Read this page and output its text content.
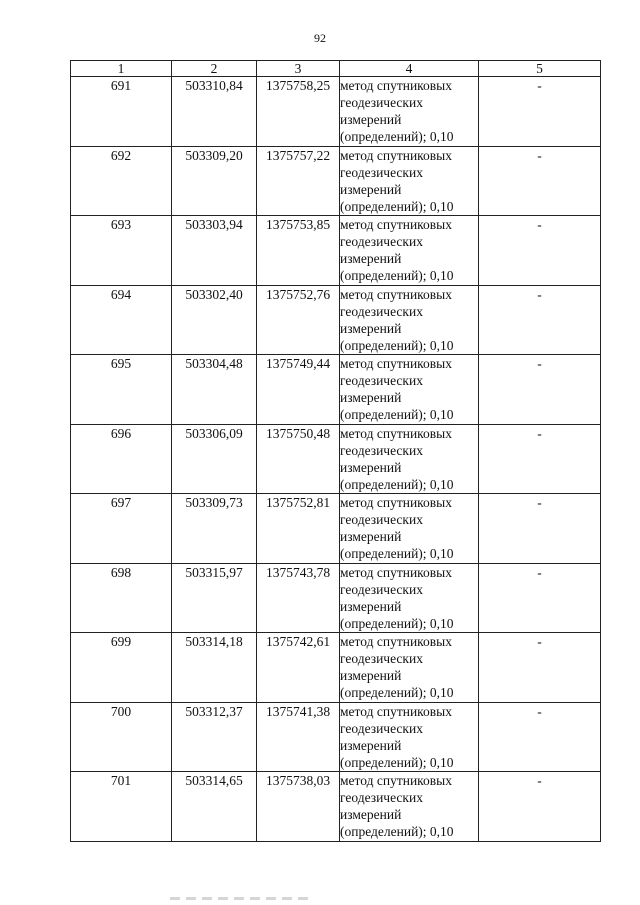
92
1	2	3	4	5
691	503310,84	1375758,25	метод спутниковых
геодезических
измерений
(определений); 0,10	-
692	503309,20	1375757,22	метод спутниковых
геодезических
измерений
(определений); 0,10	-
693	503303,94	1375753,85	метод спутниковых
геодезических
измерений
(определений); 0,10	-
694	503302,40	1375752,76	метод спутниковых
геодезических
измерений
(определений); 0,10	-
695	503304,48	1375749,44	метод спутниковых
геодезических
измерений
(определений); 0,10	-
696	503306,09	1375750,48	метод спутниковых
геодезических
измерений
(определений); 0,10	-
697	503309,73	1375752,81	метод спутниковых
геодезических
измерений
(определений); 0,10	-
698	503315,97	1375743,78	метод спутниковых
геодезических
измерений
(определений); 0,10	-
699	503314,18	1375742,61	метод спутниковых
геодезических
измерений
(определений); 0,10	-
700	503312,37	1375741,38	метод спутниковых
геодезических
измерений
(определений); 0,10	-
701	503314,65	1375738,03	метод спутниковых
геодезических
измерений
(определений); 0,10	-
